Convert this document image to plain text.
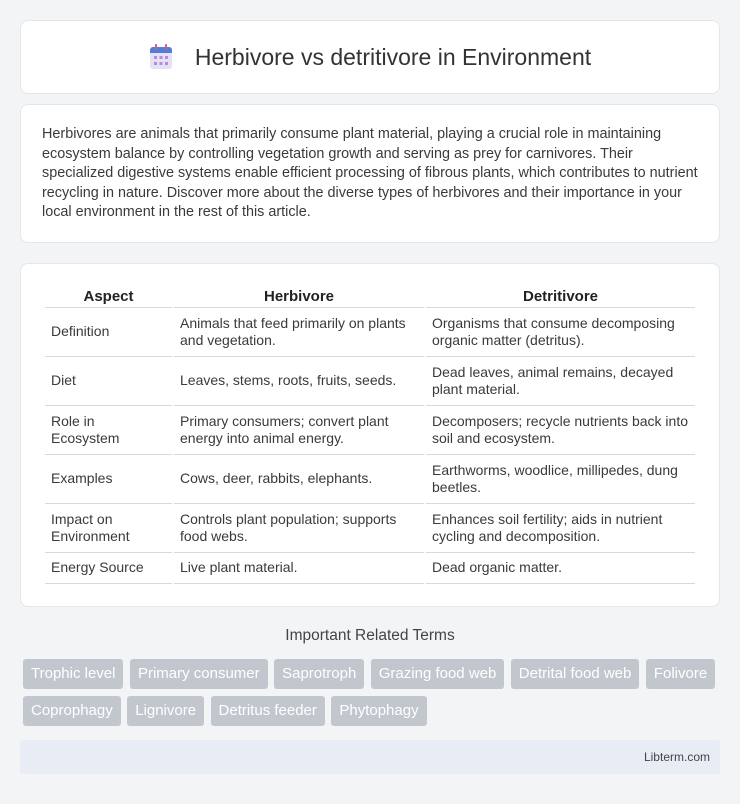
Herbivore vs detritivore in Environment

Herbivores are animals that primarily consume plant material, playing a crucial role in maintaining ecosystem balance by controlling vegetation growth and serving as prey for carnivores. Their specialized digestive systems enable efficient processing of fibrous plants, which contributes to nutrient recycling in nature. Discover more about the diverse types of herbivores and their importance in your local environment in the rest of this article.

Aspect	Herbivore	Detritivore
Definition	Animals that feed primarily on plants and vegetation.	Organisms that consume decomposing organic matter (detritus).
Diet	Leaves, stems, roots, fruits, seeds.	Dead leaves, animal remains, decayed plant material.
Role in Ecosystem	Primary consumers; convert plant energy into animal energy.	Decomposers; recycle nutrients back into soil and ecosystem.
Examples	Cows, deer, rabbits, elephants.	Earthworms, woodlice, millipedes, dung beetles.
Impact on Environment	Controls plant population; supports food webs.	Enhances soil fertility; aids in nutrient cycling and decomposition.
Energy Source	Live plant material.	Dead organic matter.
Important Related Terms
Trophic level Primary consumer Saprotroph Grazing food web Detrital food web Folivore Coprophagy Lignivore Detritus feeder Phytophagy
Libterm.com
